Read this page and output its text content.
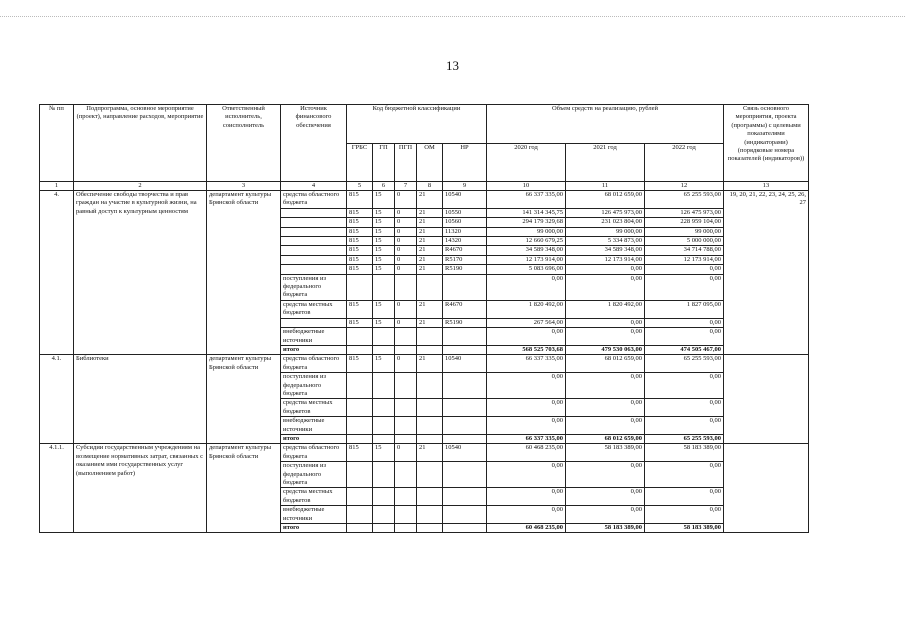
13
№ пп	Подпрограмма, основное мероприятие (проект), направление расходов, мероприятие	Ответственный исполнитель, соисполнитель	Источник финансового обеспечения	Код бюджетной классификации					Объем средств на реализацию, рублей			Связь основного мероприятия, проекта (программы) с целевыми показателями (индикаторами) (порядковые номера показателей (индикаторов))
				ГРБС	ГП	ПГП	ОМ	НР	2020 год	2021 год	2022 год	
1	2	3	4	5	6	7	8	9	10	11	12	13
4.	Обеспечение свободы творчества и прав граждан на участие в культурной жизни, на равный доступ к культурным ценностям	департамент культуры Брянской области	средства областного бюджета	815	15	0	21	10540	66 337 335,00	68 012 659,00	65 255 593,00	19, 20, 21, 22, 23, 24, 25, 26, 27
				815	15	0	21	10550	141 314 345,75	126 475 973,00	126 475 973,00	
				815	15	0	21	10560	294 179 329,68	231 023 804,00	228 959 104,00	
				815	15	0	21	11320	99 000,00	99 000,00	99 000,00	
				815	15	0	21	14320	12 660 679,25	5 334 873,00	5 000 000,00	
				815	15	0	21	R4670	34 589 348,00	34 589 348,00	34 714 788,00	
				815	15	0	21	R5170	12 173 914,00	12 173 914,00	12 173 914,00	
				815	15	0	21	R5190	5 083 696,00	0,00	0,00	
			поступления из федерального бюджета						0,00	0,00	0,00	
			средства местных бюджетов	815	15	0	21	R4670	1 820 492,00	1 820 492,00	1 827 095,00	
				815	15	0	21	R5190	267 564,00	0,00	0,00	
			внебюджетные источники						0,00	0,00	0,00	
			итого						568 525 703,68	479 530 063,00	474 505 467,00	
4.1.	Библиотеки	департамент культуры Брянской области	средства областного бюджета	815	15	0	21	10540	66 337 335,00	68 012 659,00	65 255 593,00	
			поступления из федерального бюджета						0,00	0,00	0,00	
			средства местных бюджетов						0,00	0,00	0,00	
			внебюджетные источники						0,00	0,00	0,00	
			итого						66 337 335,00	68 012 659,00	65 255 593,00	
4.1.1.	Субсидии государственным учреждениям на возмещение нормативных затрат, связанных с оказанием ими государственных услуг (выполнением работ)	департамент культуры Брянской области	средства областного бюджета	815	15	0	21	10540	60 468 235,00	58 183 389,00	58 183 389,00	
			поступления из федерального бюджета						0,00	0,00	0,00	
			средства местных бюджетов						0,00	0,00	0,00	
			внебюджетные источники						0,00	0,00	0,00	
			итого						60 468 235,00	58 183 389,00	58 183 389,00	
